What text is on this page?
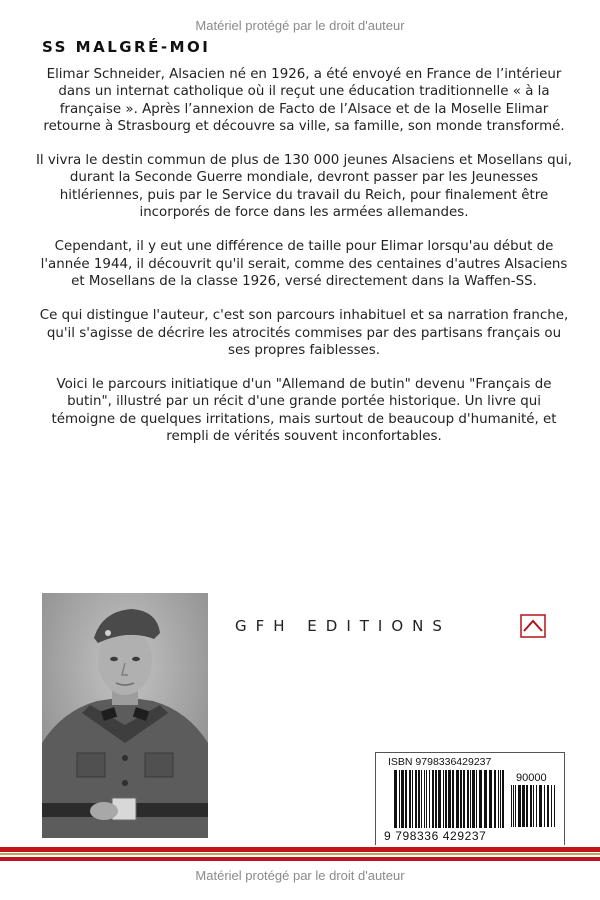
Matériel protégé par le droit d'auteur
SS MALGRÉ-MOI

Elimar Schneider, Alsacien né en 1926, a été envoyé en France de l’intérieur dans un internat catholique où il reçut une éducation traditionnelle « à la française ». Après l’annexion de Facto de l’Alsace et de la Moselle Elimar retourne à Strasbourg et découvre sa ville, sa famille, son monde transformé.

Il vivra le destin commun de plus de 130 000 jeunes Alsaciens et Mosellans qui, durant la Seconde Guerre mondiale, devront passer par les Jeunesses hitlériennes, puis par le Service du travail du Reich, pour finalement être incorporés de force dans les armées allemandes.

Cependant, il y eut une différence de taille pour Elimar lorsqu'au début de l'année 1944, il découvrit qu'il serait, comme des centaines d'autres Alsaciens et Mosellans de la classe 1926, versé directement dans la Waffen-SS.

Ce qui distingue l'auteur, c'est son parcours inhabituel et sa narration franche, qu'il s'agisse de décrire les atrocités commises par des partisans français ou ses propres faiblesses.

Voici le parcours initiatique d'un "Allemand de butin" devenu "Français de butin", illustré par un récit d'une grande portée historique. Un livre qui témoigne de quelques irritations, mais surtout de beaucoup d'humanité, et rempli de vérités souvent inconfortables.

GFH EDITIONS
ISBN 9798336429237
90000
9 798336 429237
Matériel protégé par le droit d'auteur
